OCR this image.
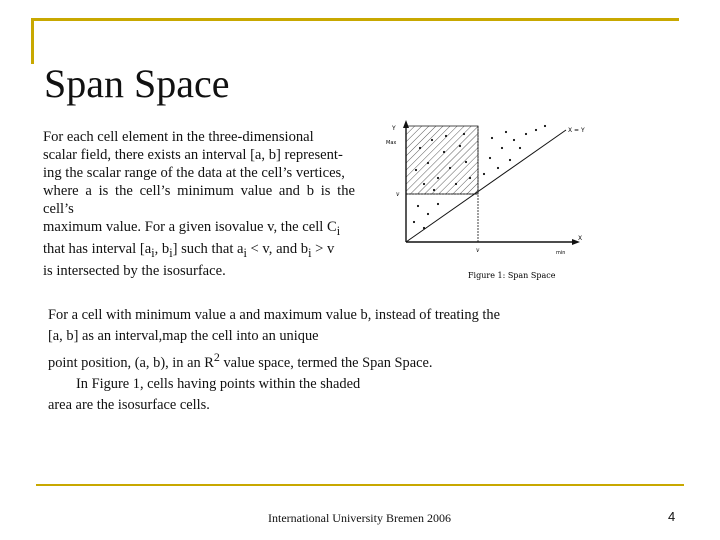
Span Space
For each cell element in the three-dimensional
scalar field, there exists an interval [a, b] represent-
ing the scalar range of the data at the cell’s vertices,
where a is the cell’s minimum value and b is the cell’s
maximum value. For a given isovalue v, the cell $C_i$
that has interval [$a_i$, $b_i$] such that $a_i < v$, and $b_i > v$
is intersected by the isosurface.
Y
Max
v
v
X
min
X = Y
Figure 1: Span Space
For a cell with minimum value a and maximum value b, instead of treating the
[a, b] as an interval,map the cell into an unique
point position, (a, b), in an $R^2$ value space, termed the Span Space.
In Figure 1, cells having points within the shaded
area are the isosurface cells.
International University Bremen 2006	4
